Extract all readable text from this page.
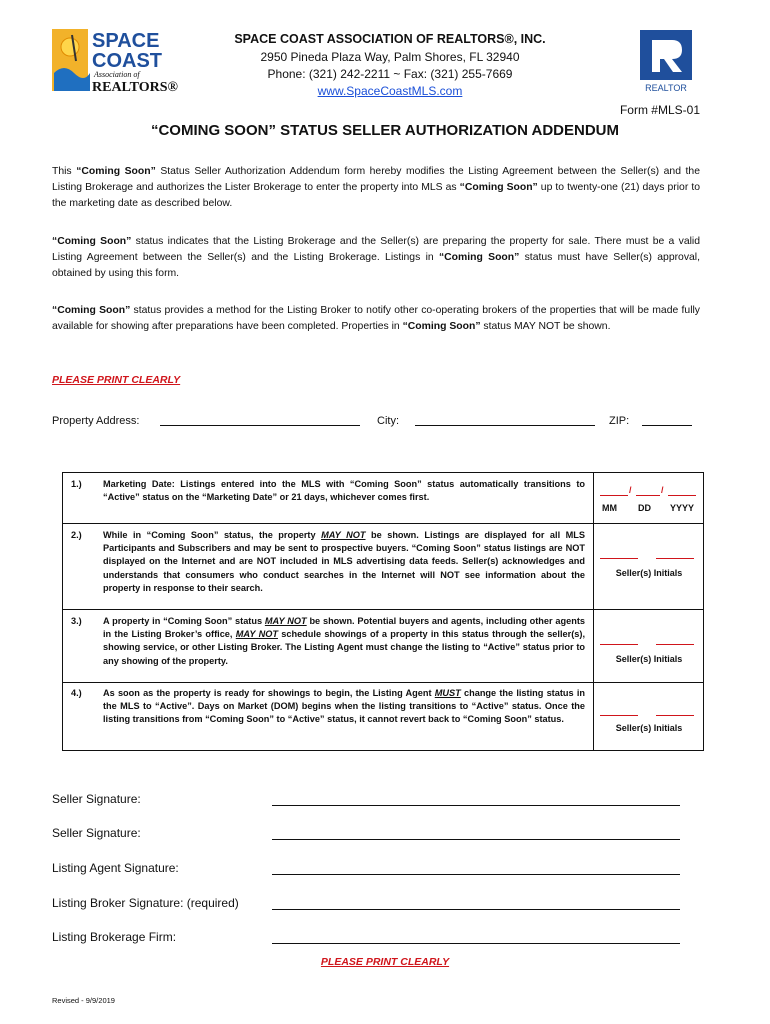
SPACE
COAST
Association of
REALTORS®
SPACE COAST ASSOCIATION OF REALTORS®, INC.
2950 Pineda Plaza Way, Palm Shores, FL 32940
Phone: (321) 242-2211 ~ Fax: (321) 255-7669
www.SpaceCoastMLS.com	REALTOR
Form #MLS-01
“COMING SOON” STATUS SELLER AUTHORIZATION ADDENDUM
This “Coming Soon” Status Seller Authorization Addendum form hereby modifies the Listing Agreement between the Seller(s) and the Listing Brokerage and authorizes the Lister Brokerage to enter the property into MLS as “Coming Soon” up to twenty-one (21) days prior to the marketing date as described below.
“Coming Soon” status indicates that the Listing Brokerage and the Seller(s) are preparing the property for sale. There must be a valid Listing Agreement between the Seller(s) and the Listing Brokerage. Listings in “Coming Soon” status must have Seller(s) approval, obtained by using this form.
“Coming Soon” status provides a method for the Listing Broker to notify other co-operating brokers of the properties that will be made fully available for showing after preparations have been completed. Properties in “Coming Soon” status MAY NOT be shown.
PLEASE PRINT CLEARLY
Property Address:	City:	ZIP:
1.)	Marketing Date: Listings entered into the MLS with “Coming Soon” status automatically transitions to “Active” status on the “Marketing Date” or 21 days, whichever comes first.
/	/
MM DD YYYY
2.)	While in “Coming Soon” status, the property MAY NOT be shown. Listings are displayed for all MLS Participants and Subscribers and may be sent to prospective buyers. “Coming Soon” status listings are NOT displayed on the Internet and are NOT included in MLS advertising data feeds. Seller(s) acknowledges and understands that consumers who conduct searches in the Internet will NOT see information about the property in response to their search.
Seller(s) Initials
3.)	A property in “Coming Soon” status MAY NOT be shown. Potential buyers and agents, including other agents in the Listing Broker’s office, MAY NOT schedule showings of a property in this status through the seller(s), showing service, or other Listing Broker. The Listing Agent must change the listing to “Active” status prior to any showing of the property.	Seller(s) Initials
4.)	As soon as the property is ready for showings to begin, the Listing Agent MUST change the listing status in the MLS to “Active”. Days on Market (DOM) begins when the listing transitions to “Active” status. Once the listing transitions from “Coming Soon” to “Active” status, it cannot revert back to “Coming Soon” status.
Seller(s) Initials
Seller Signature:
Seller Signature:
Listing Agent Signature:
Listing Broker Signature: (required)
Listing Brokerage Firm:
PLEASE PRINT CLEARLY
Revised - 9/9/2019
